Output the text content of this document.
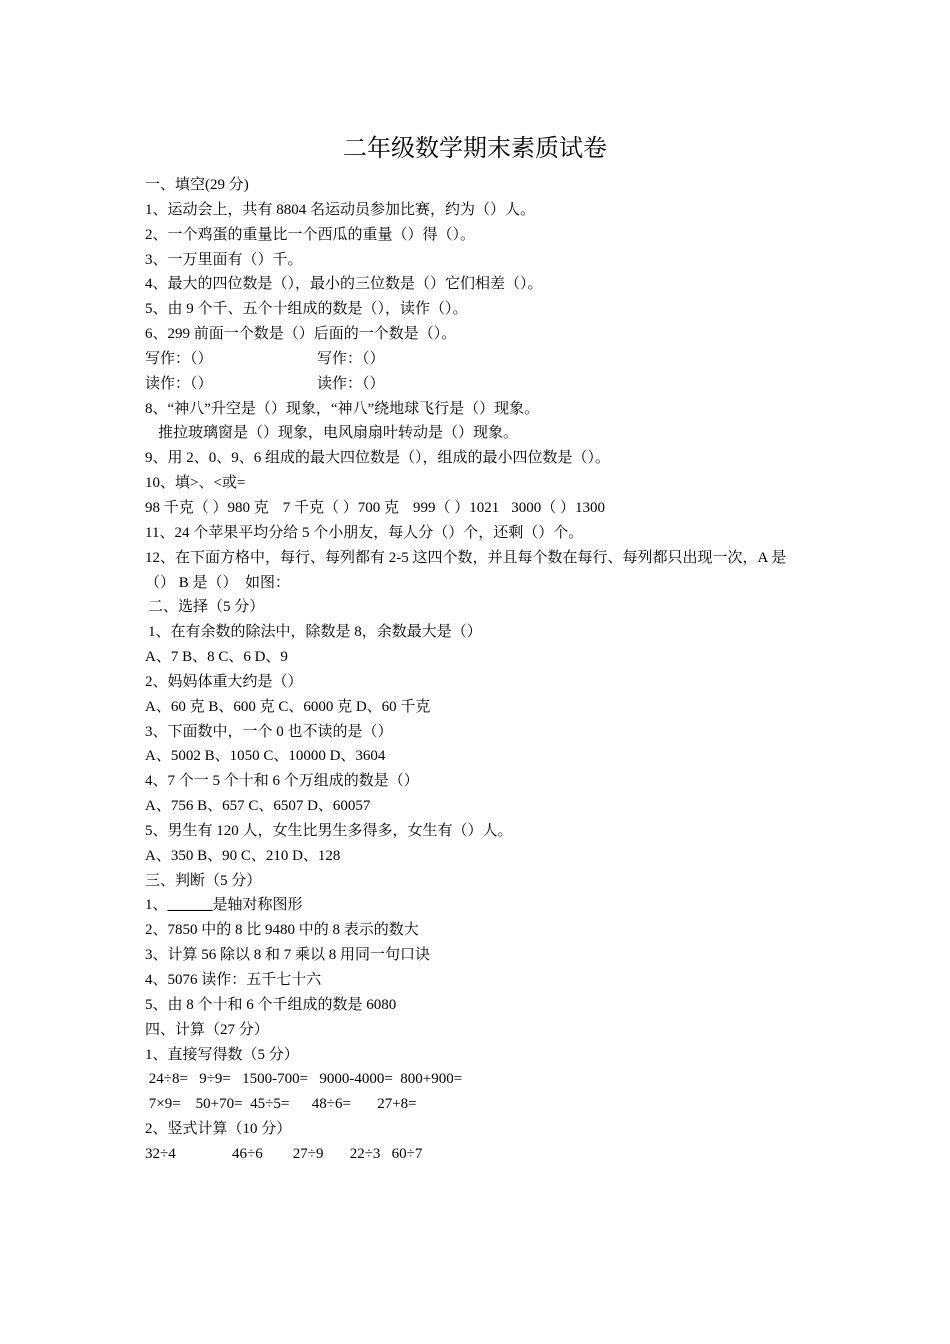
二年级数学期末素质试卷
一、填空(29 分)
1、运动会上，共有 8804 名运动员参加比赛，约为（）人。
2、一个鸡蛋的重量比一个西瓜的重量（）得（）。
3、一万里面有（）千。
4、最大的四位数是（），最小的三位数是（）它们相差（）。
5、由 9 个千、五个十组成的数是（），读作（）。
6、299 前面一个数是（）后面的一个数是（）。
写作：（）	写作：（）
读作：（）	读作：（）
8、“神八”升空是（）现象，“神八”绕地球飞行是（）现象。
推拉玻璃窗是（）现象，电风扇扇叶转动是（）现象。
9、用 2、0、9、6 组成的最大四位数是（），组成的最小四位数是（）。
10、填>、<或=
98 千克（ ）980 克 7 千克（ ）700 克 999（ ）1021 3000（ ）1300
11、24 个苹果平均分给 5 个小朋友，每人分（）个，还剩（）个。
12、在下面方格中，每行、每列都有 2-5 这四个数，并且每个数在每行、每列都只出现一次，A 是（） B 是（）　如图：
二、选择（5 分）
1、在有余数的除法中，除数是 8，余数最大是（）
A、7 B、8 C、6 D、9
2、妈妈体重大约是（）
A、60 克 B、600 克 C、6000 克 D、60 千克
3、下面数中，一个 0 也不读的是（）
A、5002 B、1050 C、10000 D、3604
4、7 个一 5 个十和 6 个万组成的数是（）
A、756 B、657 C、6507 D、60057
5、男生有 120 人，女生比男生多得多，女生有（）人。
A、350 B、90 C、210 D、128
三、判断（5 分）
1、______是轴对称图形
2、7850 中的 8 比 9480 中的 8 表示的数大
3、计算 56 除以 8 和 7 乘以 8 用同一句口诀
4、5076 读作：五千七十六
5、由 8 个十和 6 个千组成的数是 6080
四、计算（27 分）
1、直接写得数（5 分）
24÷8=   9÷9=   1500-700=   9000-4000=  800+900=
7×9=    50+70=  45÷5=      48÷6=       27+8=
2、竖式计算（10 分）
32÷4               46÷6        27÷9       22÷3   60÷7
